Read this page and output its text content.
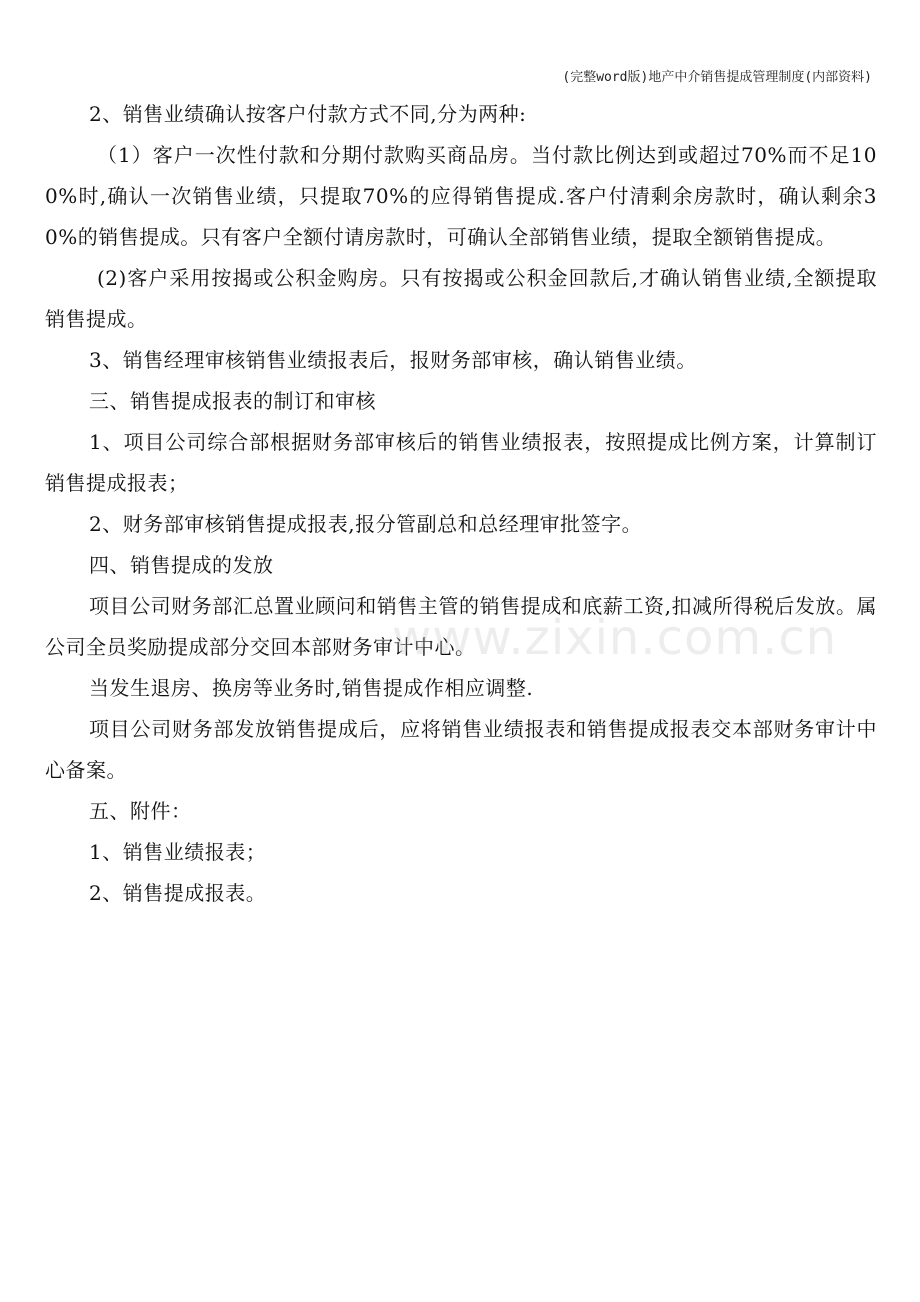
(完整word版)地产中介销售提成管理制度(内部资料)

2、销售业绩确认按客户付款方式不同,分为两种:

（1）客户一次性付款和分期付款购买商品房。当付款比例达到或超过70%而不足100%时,确认一次销售业绩，只提取70%的应得销售提成.客户付清剩余房款时，确认剩余30%的销售提成。只有客户全额付请房款时，可确认全部销售业绩，提取全额销售提成。

(2)客户采用按揭或公积金购房。只有按揭或公积金回款后,才确认销售业绩,全额提取销售提成。

3、销售经理审核销售业绩报表后，报财务部审核，确认销售业绩。

三、销售提成报表的制订和审核

1、项目公司综合部根据财务部审核后的销售业绩报表，按照提成比例方案，计算制订销售提成报表；

2、财务部审核销售提成报表,报分管副总和总经理审批签字。

四、销售提成的发放

项目公司财务部汇总置业顾问和销售主管的销售提成和底薪工资,扣减所得税后发放。属公司全员奖励提成部分交回本部财务审计中心。

当发生退房、换房等业务时,销售提成作相应调整.

项目公司财务部发放销售提成后，应将销售业绩报表和销售提成报表交本部财务审计中心备案。

五、附件：

1、销售业绩报表；

2、销售提成报表。

www.zixin.com.cn
